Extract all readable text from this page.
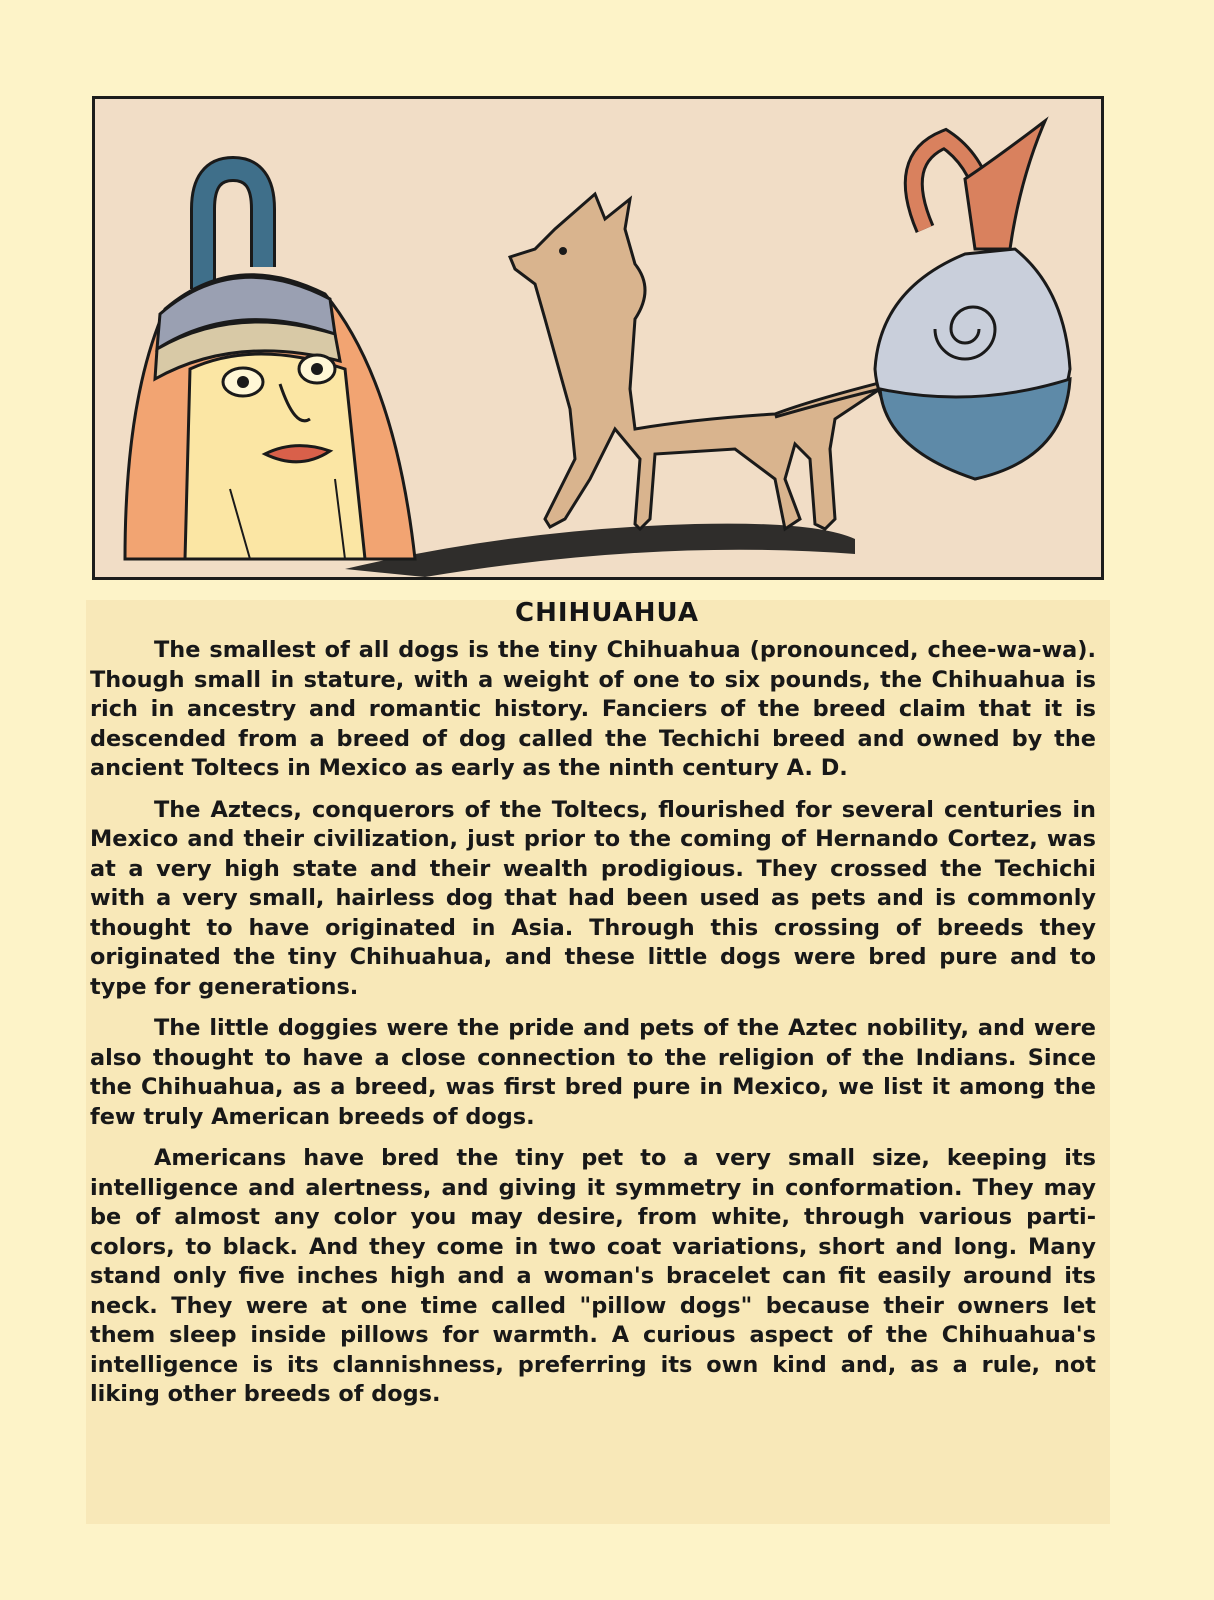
CHIHUAHUA

The smallest of all dogs is the tiny Chihuahua (pronounced, chee-wa-wa). Though small in stature, with a weight of one to six pounds, the Chihuahua is rich in ancestry and romantic history. Fanciers of the breed claim that it is descended from a breed of dog called the Techichi breed and owned by the ancient Toltecs in Mexico as early as the ninth century A. D.

The Aztecs, conquerors of the Toltecs, flourished for several centuries in Mexico and their civilization, just prior to the coming of Hernando Cortez, was at a very high state and their wealth prodigious. They crossed the Techichi with a very small, hairless dog that had been used as pets and is commonly thought to have originated in Asia. Through this crossing of breeds they originated the tiny Chihuahua, and these little dogs were bred pure and to type for generations.

The little doggies were the pride and pets of the Aztec nobility, and were also thought to have a close connection to the religion of the Indians. Since the Chihuahua, as a breed, was first bred pure in Mexico, we list it among the few truly American breeds of dogs.

Americans have bred the tiny pet to a very small size, keeping its intelligence and alertness, and giving it symmetry in conformation. They may be of almost any color you may desire, from white, through various parti-colors, to black. And they come in two coat variations, short and long. Many stand only five inches high and a woman's bracelet can fit easily around its neck. They were at one time called "pillow dogs" because their owners let them sleep inside pillows for warmth. A curious aspect of the Chihuahua's intelligence is its clannishness, preferring its own kind and, as a rule, not liking other breeds of dogs.
